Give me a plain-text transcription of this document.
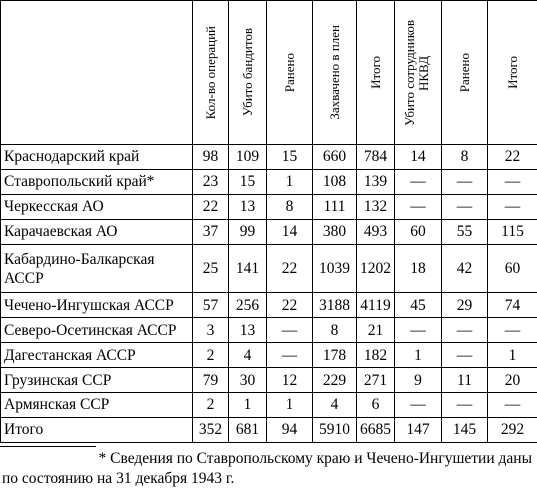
	Кол-во операций	Убито бандитов	Ранено	Захвачено в плен	Итого	Убито сотрудников НКВД	Ранено	Итого

Краснодарский край	98	109	15	660	784	14	8	22
Ставропольский край*	23	15	1	108	139	—	—	—
Черкесская АО	22	13	8	111	132	—	—	—
Карачаевская АО	37	99	14	380	493	60	55	115
Кабардино-Балкарская АССР	25	141	22	1039	1202	18	42	60
Чечено-Ингушская АССР	57	256	22	3188	4119	45	29	74
Северо-Осетинская АССР	3	13	—	8	21	—	—	—
Дагестанская АССР	2	4	—	178	182	1	—	1
Грузинская ССР	79	30	12	229	271	9	11	20
Армянская ССР	2	1	1	4	6	—	—	—
Итого	352	681	94	5910	6685	147	145	292
* Сведения по Ставропольскому краю и Чечено-Ингушетии даны
по состоянию на 31 декабря 1943 г.
